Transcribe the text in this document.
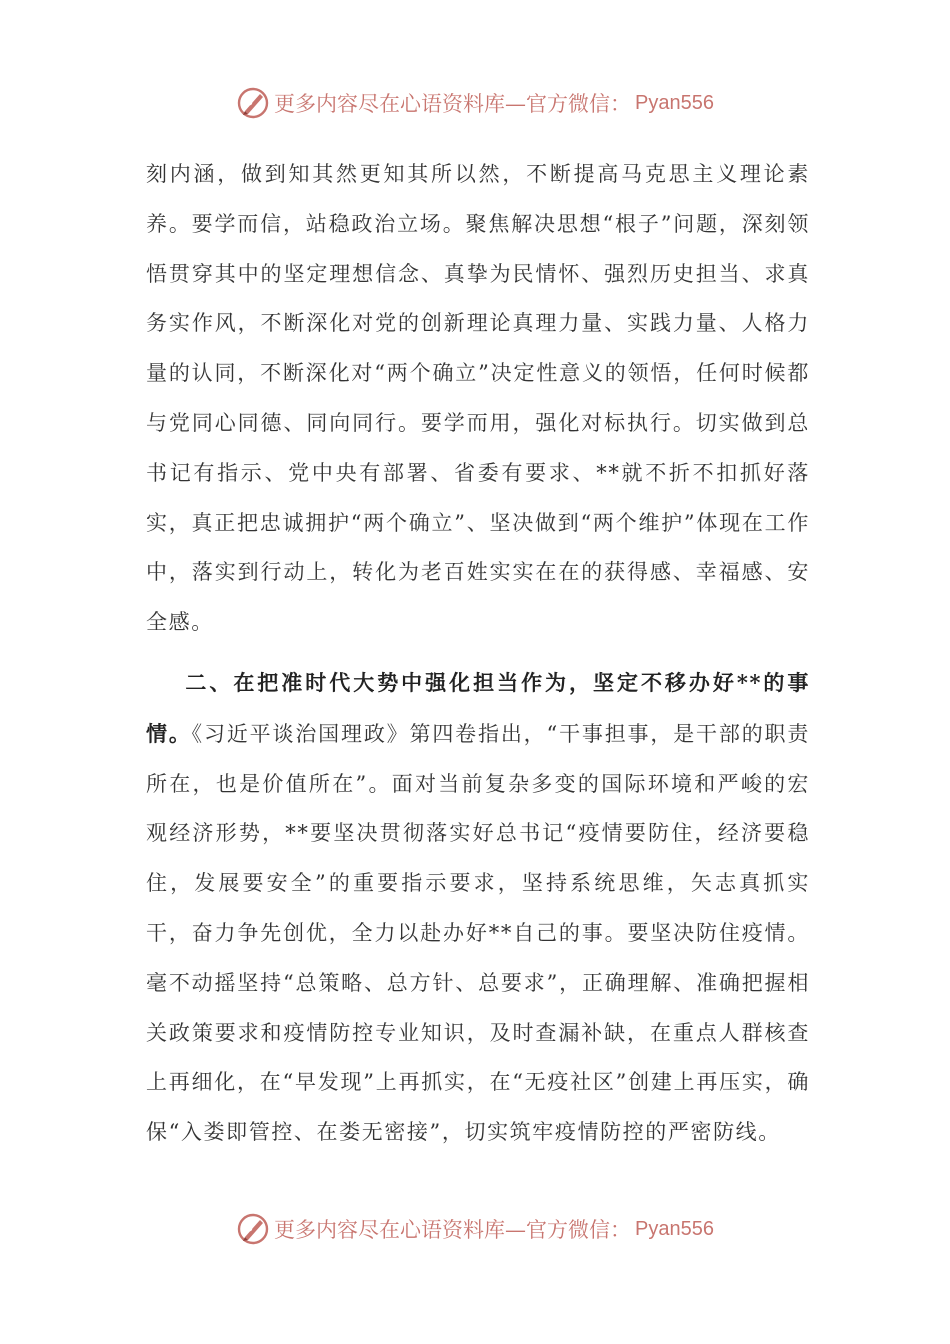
更多内容尽在心语资料库—官方微信： Pyan556

刻内涵，做到知其然更知其所以然，不断提高马克思主义理论素养。要学而信，站稳政治立场。聚焦解决思想“根子”问题，深刻领悟贯穿其中的坚定理想信念、真挚为民情怀、强烈历史担当、求真务实作风，不断深化对党的创新理论真理力量、实践力量、人格力量的认同，不断深化对“两个确立”决定性意义的领悟，任何时候都与党同心同德、同向同行。要学而用，强化对标执行。切实做到总书记有指示、党中央有部署、省委有要求、**就不折不扣抓好落实，真正把忠诚拥护“两个确立”、坚决做到“两个维护”体现在工作中，落实到行动上，转化为老百姓实实在在的获得感、幸福感、安全感。

二、在把准时代大势中强化担当作为，坚定不移办好**的事情。《习近平谈治国理政》第四卷指出，“干事担事，是干部的职责所在，也是价值所在”。面对当前复杂多变的国际环境和严峻的宏观经济形势，**要坚决贯彻落实好总书记“疫情要防住，经济要稳住，发展要安全”的重要指示要求，坚持系统思维，矢志真抓实干，奋力争先创优，全力以赴办好**自己的事。要坚决防住疫情。毫不动摇坚持“总策略、总方针、总要求”，正确理解、准确把握相关政策要求和疫情防控专业知识，及时查漏补缺，在重点人群核查上再细化，在“早发现”上再抓实，在“无疫社区”创建上再压实，确保“入娄即管控、在娄无密接”，切实筑牢疫情防控的严密防线。

更多内容尽在心语资料库—官方微信： Pyan556
